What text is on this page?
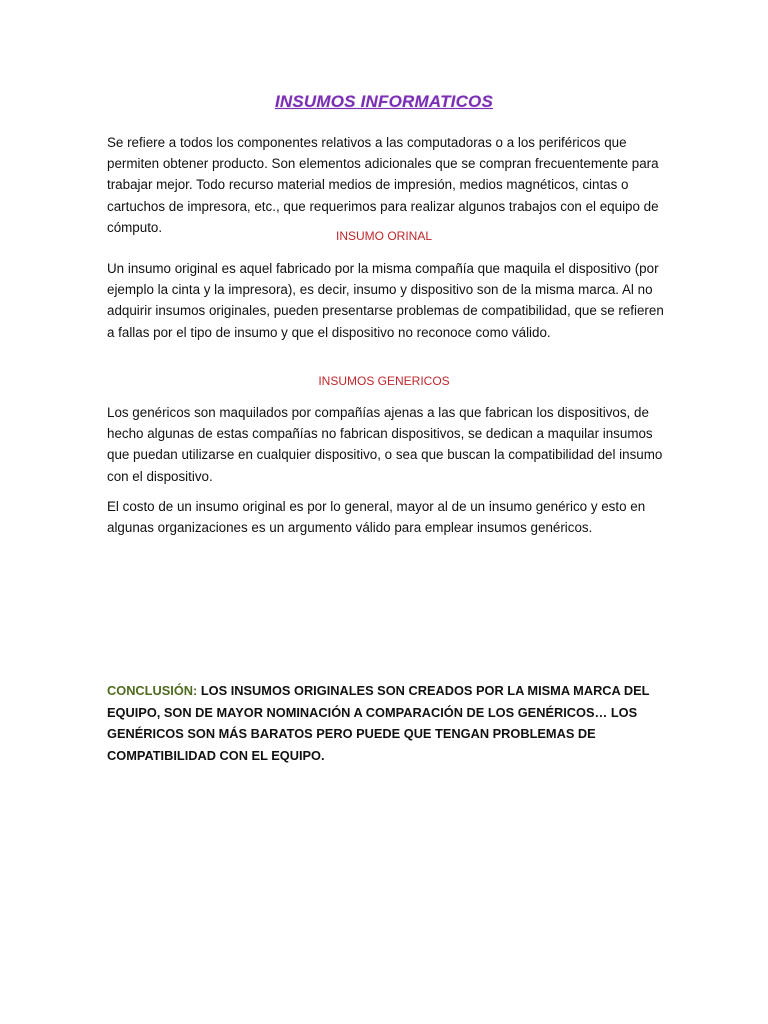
INSUMOS INFORMATICOS

Se refiere a todos los componentes relativos a las computadoras o a los periféricos que permiten obtener producto. Son elementos adicionales que se compran frecuentemente para trabajar mejor. Todo recurso material medios de impresión, medios magnéticos, cintas o cartuchos de impresora, etc., que requerimos para realizar algunos trabajos con el equipo de cómputo.

INSUMO ORINAL

Un insumo original es aquel fabricado por la misma compañía que maquila el dispositivo (por ejemplo la cinta y la impresora), es decir, insumo y dispositivo son de la misma marca. Al no adquirir insumos originales, pueden presentarse problemas de compatibilidad, que se refieren a fallas por el tipo de insumo y que el dispositivo no reconoce como válido.

INSUMOS GENERICOS

Los genéricos son maquilados por compañías ajenas a las que fabrican los dispositivos, de hecho algunas de estas compañías no fabrican dispositivos, se dedican a maquilar insumos que puedan utilizarse en cualquier dispositivo, o sea que buscan la compatibilidad del insumo con el dispositivo.

El costo de un insumo original es por lo general, mayor al de un insumo genérico y esto en algunas organizaciones es un argumento válido para emplear insumos genéricos.

CONCLUSIÓN: LOS INSUMOS ORIGINALES SON CREADOS POR LA MISMA MARCA DEL EQUIPO, SON DE MAYOR NOMINACIÓN A COMPARACIÓN DE LOS GENÉRICOS… LOS GENÉRICOS SON MÁS BARATOS PERO PUEDE QUE TENGAN PROBLEMAS DE COMPATIBILIDAD CON EL EQUIPO.
